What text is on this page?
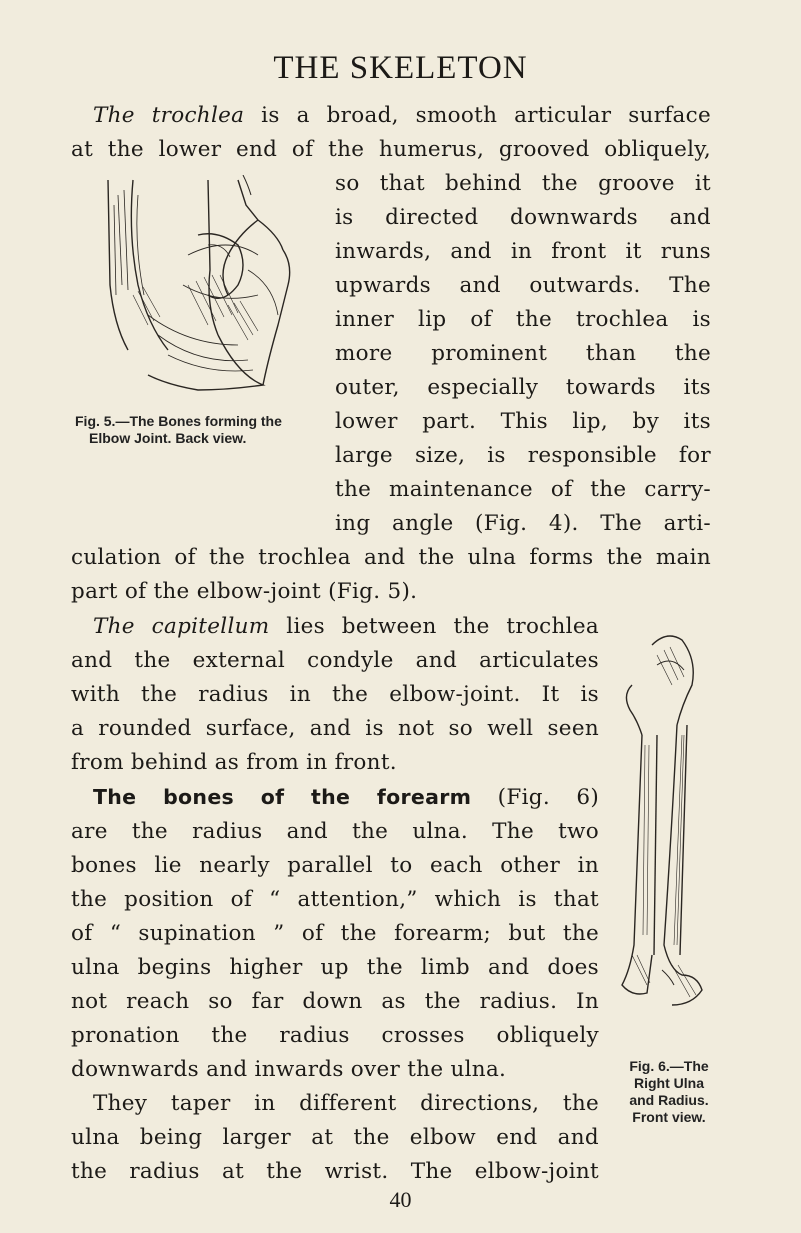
THE SKELETON
The trochlea is a broad, smooth articular surface
at the lower end of the humerus, grooved obliquely,
so that behind the groove it
is directed downwards and
inwards, and in front it runs
upwards and outwards. The
inner lip of the trochlea is
more prominent than the
outer, especially towards its
lower part. This lip, by its
large size, is responsible for
the maintenance of the carry-
ing angle (Fig. 4). The arti-
culation of the trochlea and the ulna forms the main
part of the elbow-joint (Fig. 5).
The capitellum lies between the trochlea
and the external condyle and articulates
with the radius in the elbow-joint. It is
a rounded surface, and is not so well seen
from behind as from in front.
The bones of the forearm (Fig. 6)
are the radius and the ulna. The two
bones lie nearly parallel to each other in
the position of “ attention,” which is that
of “ supination ” of the forearm; but the
ulna begins higher up the limb and does
not reach so far down as the radius. In
pronation the radius crosses obliquely
downwards and inwards over the ulna.
They taper in different directions, the
ulna being larger at the elbow end and
Fig. 5.—The Bones forming the
Elbow Joint. Back view.
Fig. 6.—The
Right Ulna
and Radius.
Front view.
the radius at the wrist. The elbow-joint
40
